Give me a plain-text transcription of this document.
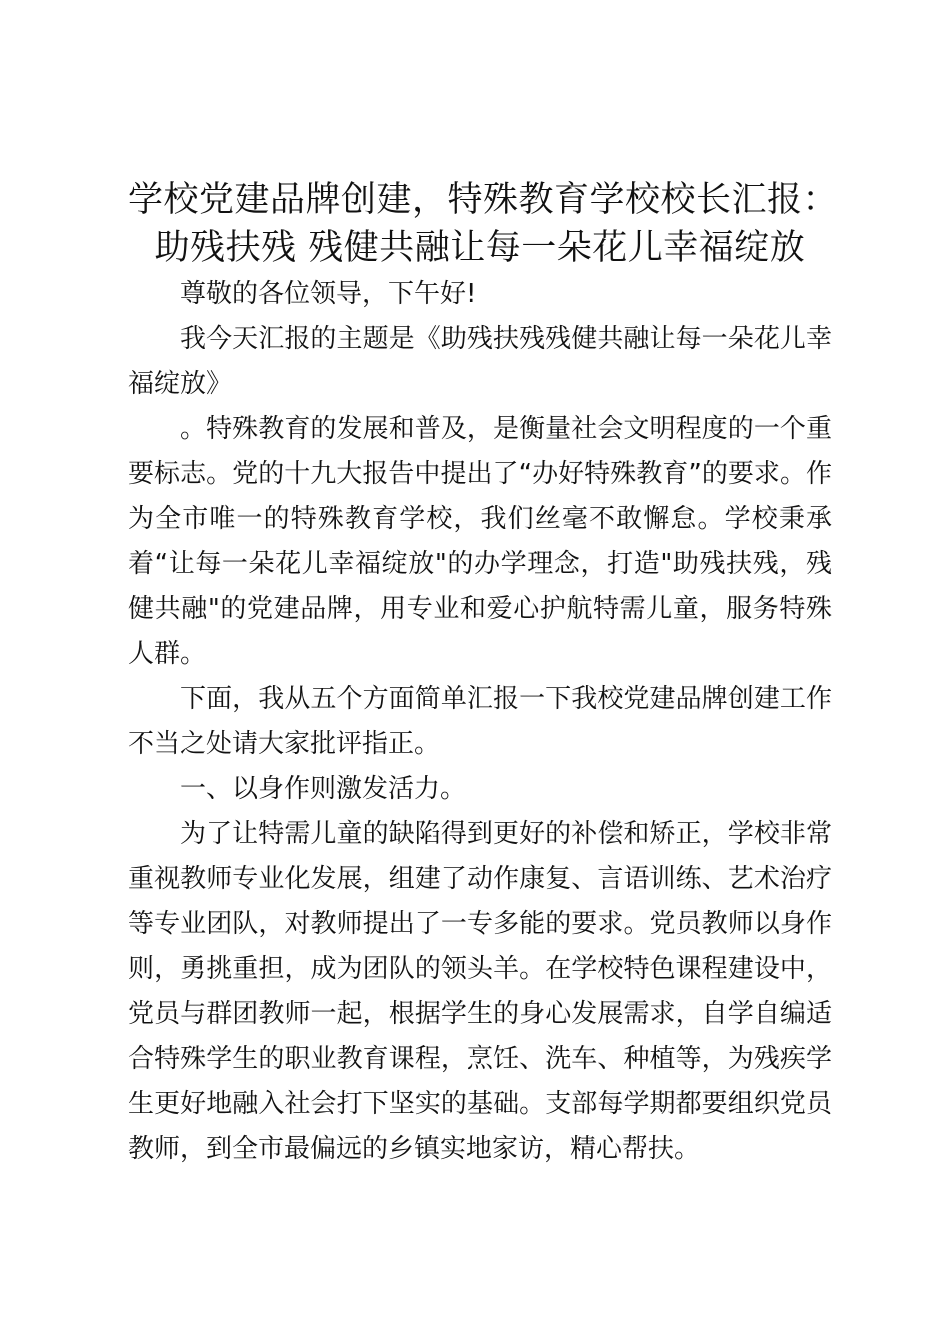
学校党建品牌创建，特殊教育学校校长汇报：
助残扶残 残健共融让每一朵花儿幸福绽放

尊敬的各位领导，下午好!

我今天汇报的主题是《助残扶残残健共融让每一朵花儿幸福绽放》

。特殊教育的发展和普及，是衡量社会文明程度的一个重要标志。党的十九大报告中提出了“办好特殊教育”的要求。作为全市唯一的特殊教育学校，我们丝毫不敢懈怠。学校秉承着“让每一朵花儿幸福绽放"的办学理念，打造"助残扶残，残健共融"的党建品牌，用专业和爱心护航特需儿童，服务特殊人群。

下面，我从五个方面简单汇报一下我校党建品牌创建工作不当之处请大家批评指正。

一、以身作则激发活力。

为了让特需儿童的缺陷得到更好的补偿和矫正，学校非常重视教师专业化发展，组建了动作康复、言语训练、艺术治疗等专业团队，对教师提出了一专多能的要求。党员教师以身作则，勇挑重担，成为团队的领头羊。在学校特色课程建设中，党员与群团教师一起，根据学生的身心发展需求，自学自编适合特殊学生的职业教育课程，烹饪、洗车、种植等，为残疾学生更好地融入社会打下坚实的基础。支部每学期都要组织党员教师，到全市最偏远的乡镇实地家访，精心帮扶。
